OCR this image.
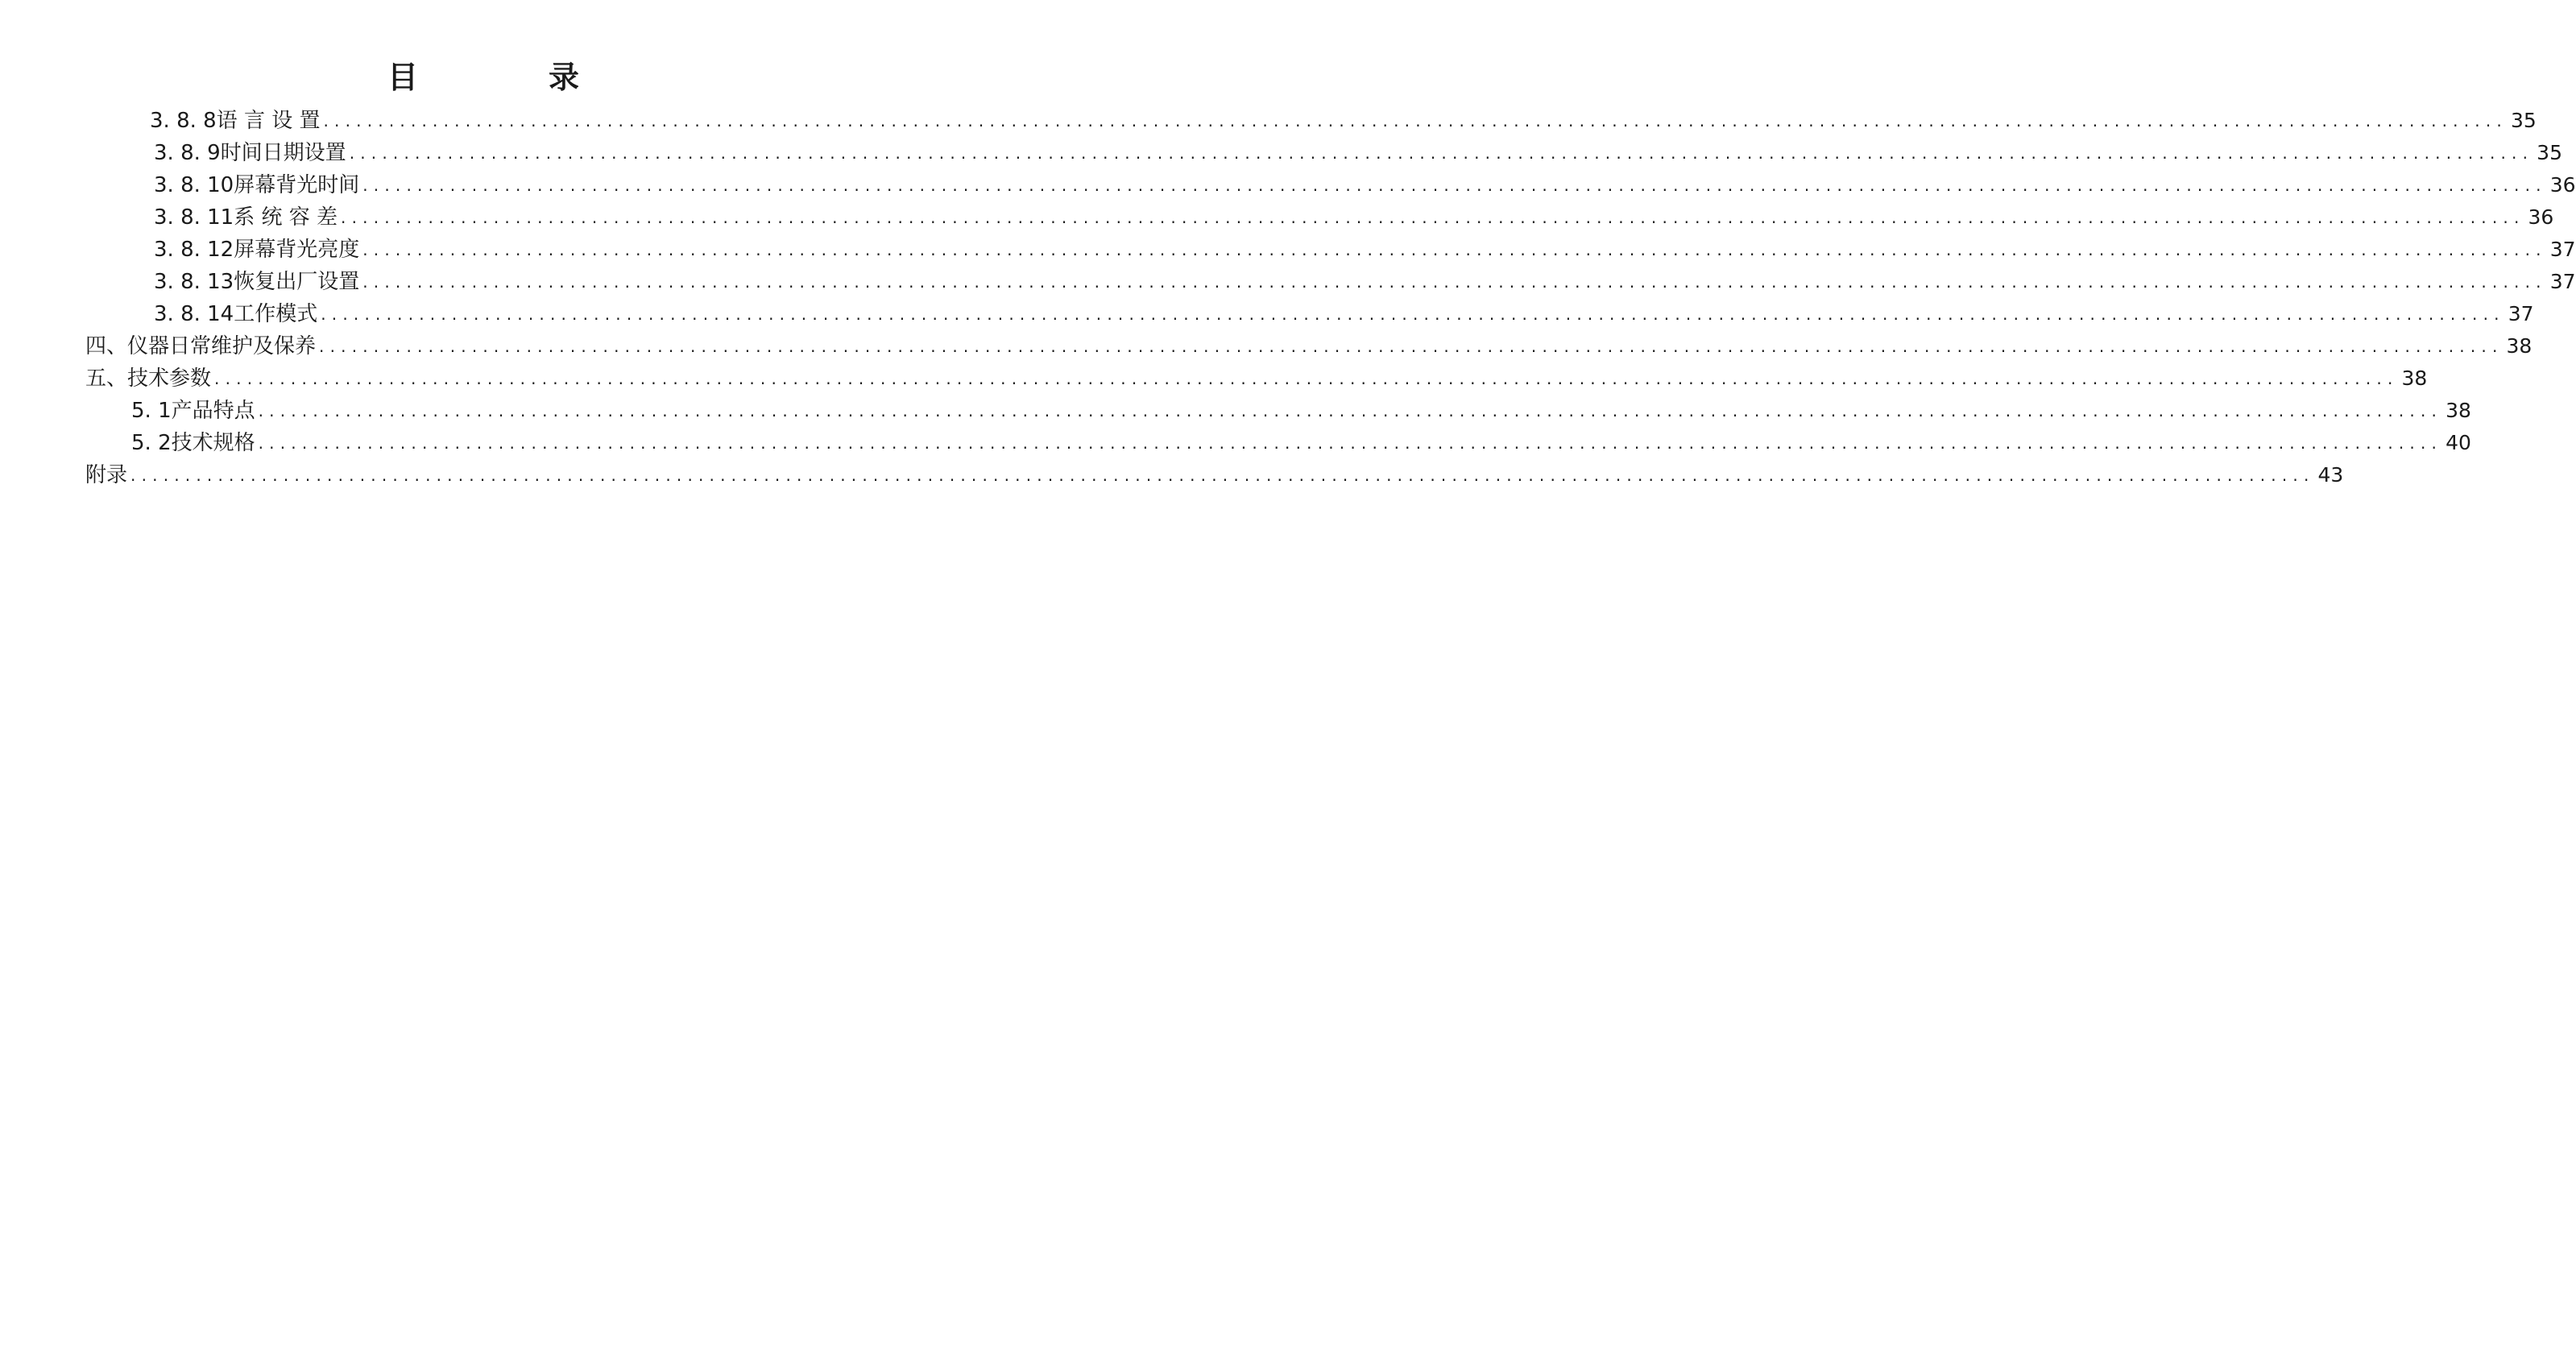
目　录
3. 8. 8语 言 设 置 ........................................................................................................................................................................................................ 35
3. 8. 9时间日期设置 ........................................................................................................................................................................................................ 35
3. 8. 10屏幕背光时间 ........................................................................................................................................................................................................ 36
3. 8. 11系 统 容 差 ........................................................................................................................................................................................................ 36
3. 8. 12屏幕背光亮度 ........................................................................................................................................................................................................ 37
3. 8. 13恢复出厂设置 ........................................................................................................................................................................................................ 37
3. 8. 14工作模式 ........................................................................................................................................................................................................ 37
四、仪器日常维护及保养 ........................................................................................................................................................................................................ 38
五、技术参数 ........................................................................................................................................................................................................ 38
5. 1产品特点 ........................................................................................................................................................................................................ 38
5. 2技术规格 ........................................................................................................................................................................................................ 40
附录 ........................................................................................................................................................................................................ 43
